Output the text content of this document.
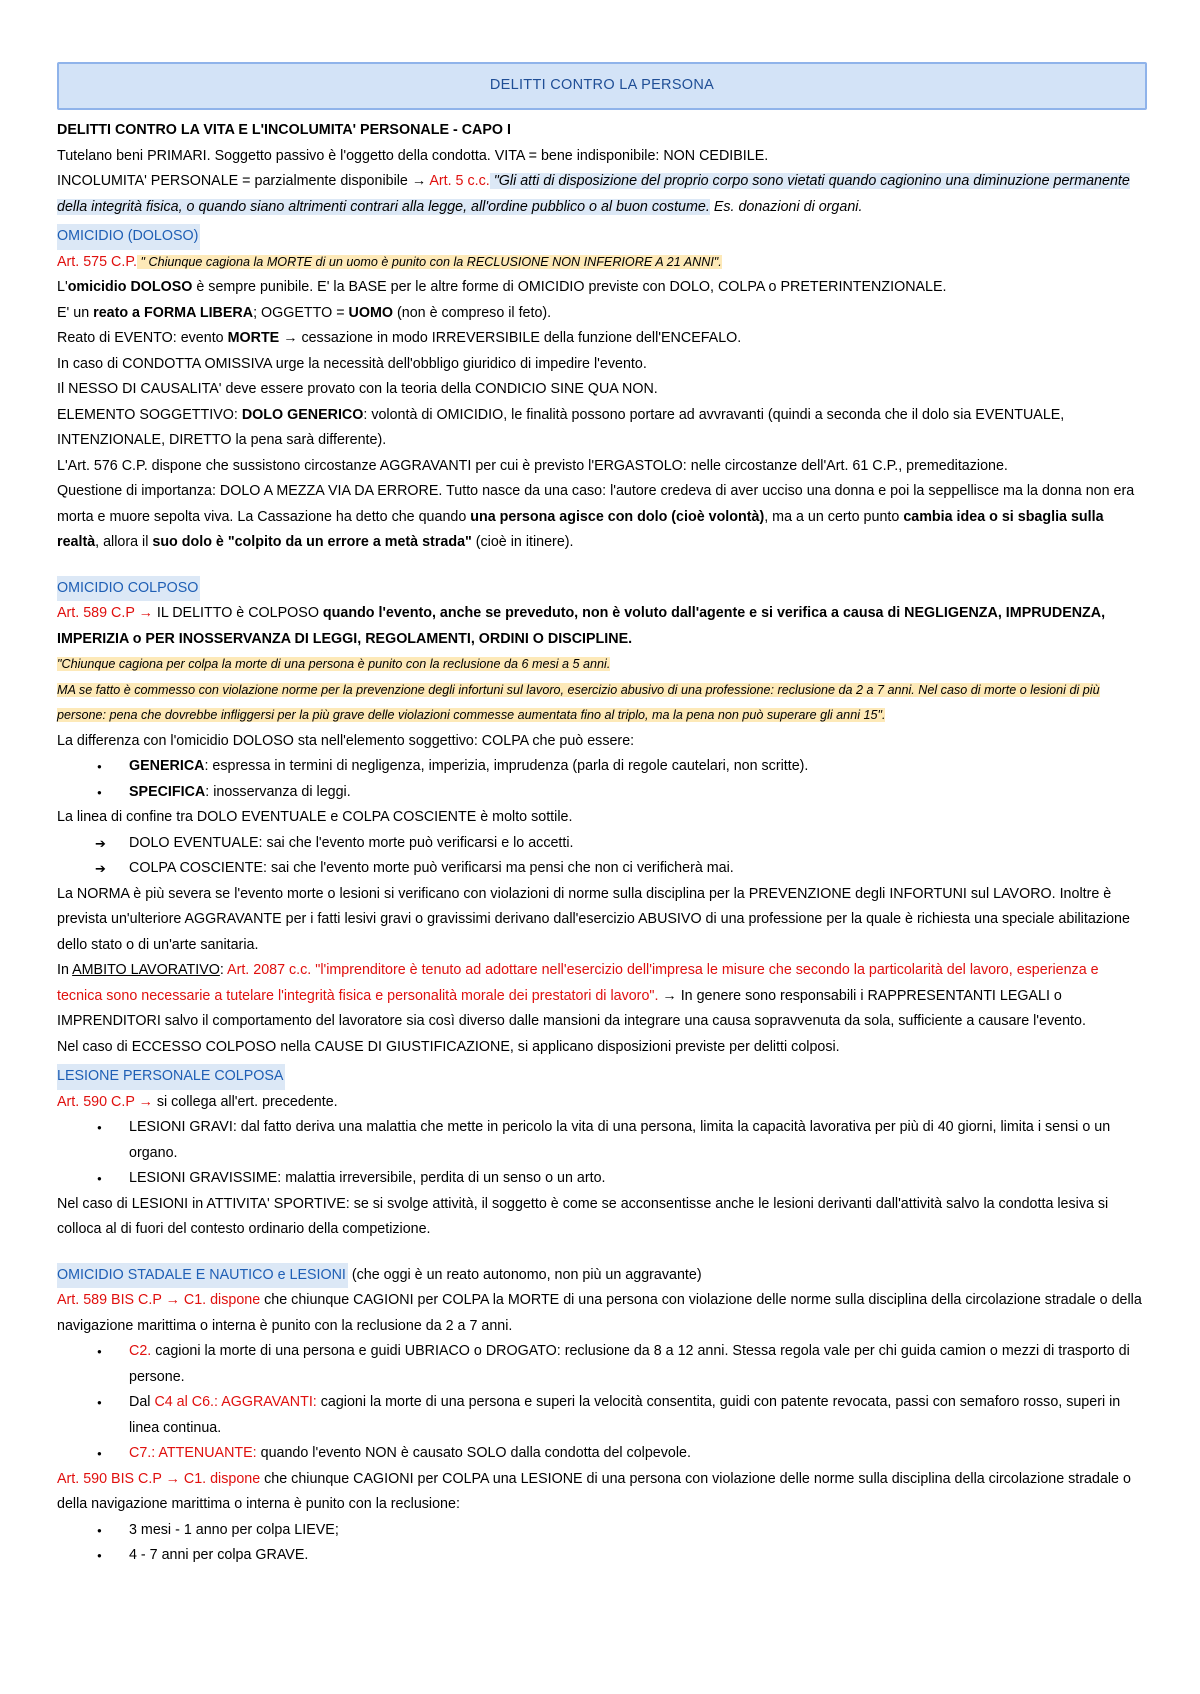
DELITTI CONTRO LA PERSONA

DELITTI CONTRO LA VITA E L'INCOLUMITA' PERSONALE - CAPO I

Tutelano beni PRIMARI. Soggetto passivo è l'oggetto della condotta. VITA = bene indisponibile: NON CEDIBILE.

INCOLUMITA' PERSONALE = parzialmente disponibile → Art. 5 c.c. "Gli atti di disposizione del proprio corpo sono vietati quando cagionino una diminuzione permanente della integrità fisica, o quando siano altrimenti contrari alla legge, all'ordine pubblico o al buon costume. Es. donazioni di organi.

OMICIDIO (DOLOSO)

Art. 575 C.P. " Chiunque cagiona la MORTE di un uomo è punito con la RECLUSIONE NON INFERIORE A 21 ANNI".

L'omicidio DOLOSO è sempre punibile. E' la BASE per le altre forme di OMICIDIO previste con DOLO, COLPA o PRETERINTENZIONALE.

E' un reato a FORMA LIBERA; OGGETTO = UOMO (non è compreso il feto).

Reato di EVENTO: evento MORTE → cessazione in modo IRREVERSIBILE della funzione dell'ENCEFALO.

In caso di CONDOTTA OMISSIVA urge la necessità dell'obbligo giuridico di impedire l'evento.

Il NESSO DI CAUSALITA' deve essere provato con la teoria della CONDICIO SINE QUA NON.

ELEMENTO SOGGETTIVO: DOLO GENERICO: volontà di OMICIDIO, le finalità possono portare ad avvravanti (quindi a seconda che il dolo sia EVENTUALE, INTENZIONALE, DIRETTO la pena sarà differente).

L'Art. 576 C.P. dispone che sussistono circostanze AGGRAVANTI per cui è previsto l'ERGASTOLO: nelle circostanze dell'Art. 61 C.P., premeditazione.

Questione di importanza: DOLO A MEZZA VIA DA ERRORE. Tutto nasce da una caso: l'autore credeva di aver ucciso una donna e poi la seppellisce ma la donna non era morta e muore sepolta viva. La Cassazione ha detto che quando una persona agisce con dolo (cioè volontà), ma a un certo punto cambia idea o si sbaglia sulla realtà, allora il suo dolo è "colpito da un errore a metà strada" (cioè in itinere).

OMICIDIO COLPOSO

Art. 589 C.P → IL DELITTO è COLPOSO quando l'evento, anche se preveduto, non è voluto dall'agente e si verifica a causa di NEGLIGENZA, IMPRUDENZA, IMPERIZIA o PER INOSSERVANZA DI LEGGI, REGOLAMENTI, ORDINI O DISCIPLINE.

"Chiunque cagiona per colpa la morte di una persona è punito con la reclusione da 6 mesi a 5 anni.

MA se fatto è commesso con violazione norme per la prevenzione degli infortuni sul lavoro, esercizio abusivo di una professione: reclusione da 2 a 7 anni. Nel caso di morte o lesioni di più persone: pena che dovrebbe infliggersi per la più grave delle violazioni commesse aumentata fino al triplo, ma la pena non può superare gli anni 15".

La differenza con l'omicidio DOLOSO sta nell'elemento soggettivo: COLPA che può essere:

● GENERICA: espressa in termini di negligenza, imperizia, imprudenza (parla di regole cautelari, non scritte).
● SPECIFICA: inosservanza di leggi.

La linea di confine tra DOLO EVENTUALE e COLPA COSCIENTE è molto sottile.

➔ DOLO EVENTUALE: sai che l'evento morte può verificarsi e lo accetti.
➔ COLPA COSCIENTE: sai che l'evento morte può verificarsi ma pensi che non ci verificherà mai.

La NORMA è più severa se l'evento morte o lesioni si verificano con violazioni di norme sulla disciplina per la PREVENZIONE degli INFORTUNI sul LAVORO. Inoltre è prevista un'ulteriore AGGRAVANTE per i fatti lesivi gravi o gravissimi derivano dall'esercizio ABUSIVO di una professione per la quale è richiesta una speciale abilitazione dello stato o di un'arte sanitaria.

In AMBITO LAVORATIVO: Art. 2087 c.c. "l'imprenditore è tenuto ad adottare nell'esercizio dell'impresa le misure che secondo la particolarità del lavoro, esperienza e tecnica sono necessarie a tutelare l'integrità fisica e personalità morale dei prestatori di lavoro". → In genere sono responsabili i RAPPRESENTANTI LEGALI o IMPRENDITORI salvo il comportamento del lavoratore sia così diverso dalle mansioni da integrare una causa sopravvenuta da sola, sufficiente a causare l'evento.

Nel caso di ECCESSO COLPOSO nella CAUSE DI GIUSTIFICAZIONE, si applicano disposizioni previste per delitti colposi.

LESIONE PERSONALE COLPOSA

Art. 590 C.P → si collega all'ert. precedente.

● LESIONI GRAVI: dal fatto deriva una malattia che mette in pericolo la vita di una persona, limita la capacità lavorativa per più di 40 giorni, limita i sensi o un organo.
● LESIONI GRAVISSIME: malattia irreversibile, perdita di un senso o un arto.

Nel caso di LESIONI in ATTIVITA' SPORTIVE: se si svolge attività, il soggetto è come se acconsentisse anche le lesioni derivanti dall'attività salvo la condotta lesiva si colloca al di fuori del contesto ordinario della competizione.

OMICIDIO STADALE E NAUTICO e LESIONI (che oggi è un reato autonomo, non più un aggravante)

Art. 589 BIS C.P → C1. dispone che chiunque CAGIONI per COLPA la MORTE di una persona con violazione delle norme sulla disciplina della circolazione stradale o della navigazione marittima o interna è punito con la reclusione da 2 a 7 anni.

● C2. cagioni la morte di una persona e guidi UBRIACO o DROGATO: reclusione da 8 a 12 anni. Stessa regola vale per chi guida camion o mezzi di trasporto di persone.
● Dal C4 al C6.: AGGRAVANTI: cagioni la morte di una persona e superi la velocità consentita, guidi con patente revocata, passi con semaforo rosso, superi in linea continua.
● C7.: ATTENUANTE: quando l'evento NON è causato SOLO dalla condotta del colpevole.

Art. 590 BIS C.P → C1. dispone che chiunque CAGIONI per COLPA una LESIONE di una persona con violazione delle norme sulla disciplina della circolazione stradale o della navigazione marittima o interna è punito con la reclusione:

● 3 mesi - 1 anno per colpa LIEVE;
● 4 - 7 anni per colpa GRAVE.
